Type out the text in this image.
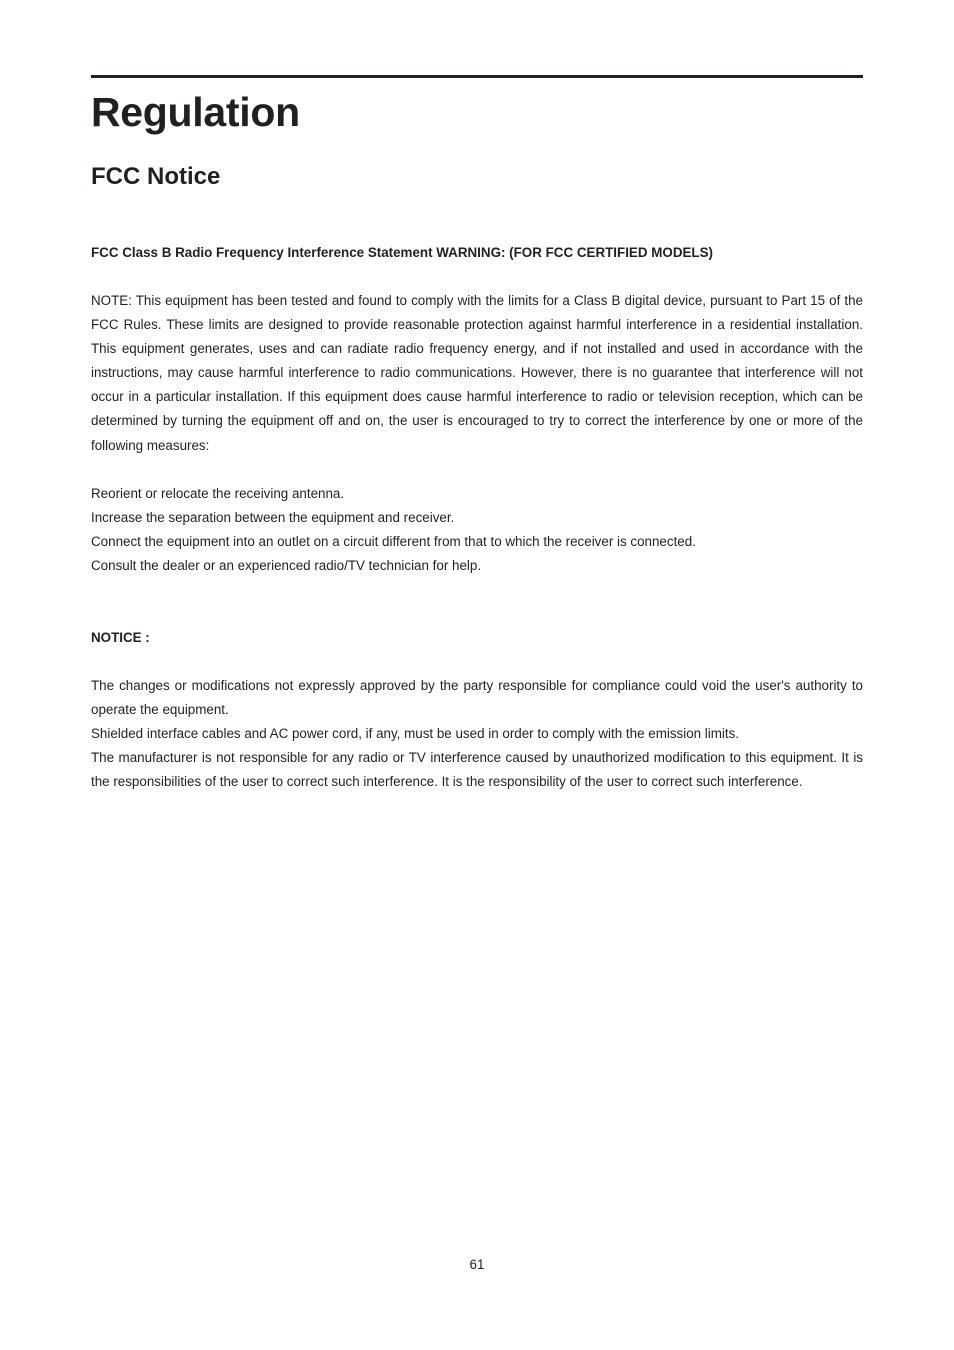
Regulation
FCC Notice

FCC Class B Radio Frequency Interference Statement WARNING: (FOR FCC CERTIFIED MODELS)

NOTE: This equipment has been tested and found to comply with the limits for a Class B digital device, pursuant to Part 15 of the FCC Rules. These limits are designed to provide reasonable protection against harmful interference in a residential installation. This equipment generates, uses and can radiate radio frequency energy, and if not installed and used in accordance with the instructions, may cause harmful interference to radio communications. However, there is no guarantee that interference will not occur in a particular installation. If this equipment does cause harmful interference to radio or television reception, which can be determined by turning the equipment off and on, the user is encouraged to try to correct the interference by one or more of the following measures:

Reorient or relocate the receiving antenna.
Increase the separation between the equipment and receiver.
Connect the equipment into an outlet on a circuit different from that to which the receiver is connected.
Consult the dealer or an experienced radio/TV technician for help.

NOTICE :

The changes or modifications not expressly approved by the party responsible for compliance could void the user's authority to operate the equipment.

Shielded interface cables and AC power cord, if any, must be used in order to comply with the emission limits.

The manufacturer is not responsible for any radio or TV interference caused by unauthorized modification to this equipment. It is the responsibilities of the user to correct such interference. It is the responsibility of the user to correct such interference.

61
